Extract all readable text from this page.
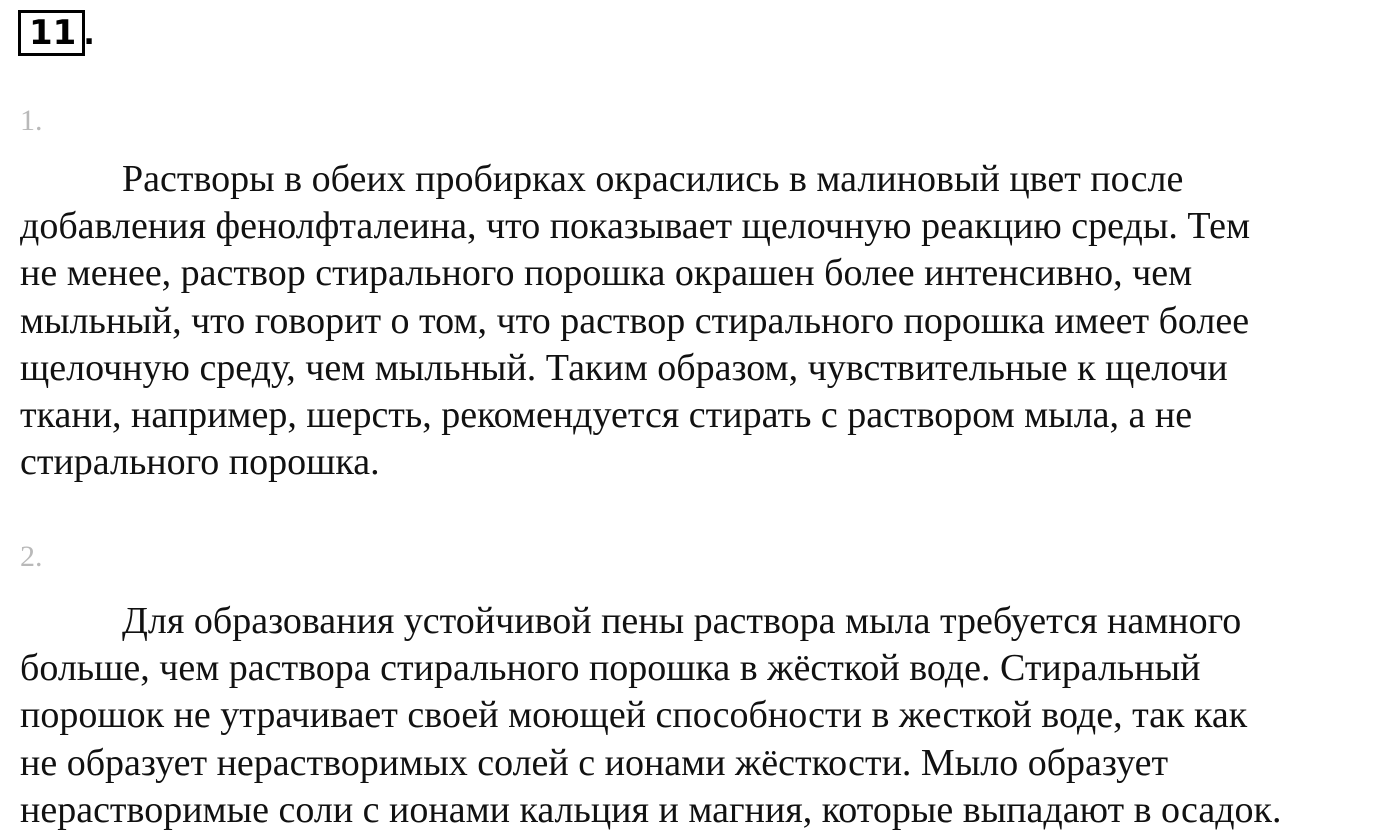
11 .
1.
Растворы в обеих пробирках окрасились в малиновый цвет после
добавления фенолфталеина, что показывает щелочную реакцию среды. Тем
не менее, раствор стирального порошка окрашен более интенсивно, чем
мыльный, что говорит о том, что раствор стирального порошка имеет более
щелочную среду, чем мыльный. Таким образом, чувствительные к щелочи
ткани, например, шерсть, рекомендуется стирать с раствором мыла, а не
стирального порошка.
2.
Для образования устойчивой пены раствора мыла требуется намного
больше, чем раствора стирального порошка в жёсткой воде. Стиральный
порошок не утрачивает своей моющей способности в жесткой воде, так как
не образует нерастворимых солей с ионами жёсткости. Мыло образует
нерастворимые соли с ионами кальция и магния, которые выпадают в осадок.
